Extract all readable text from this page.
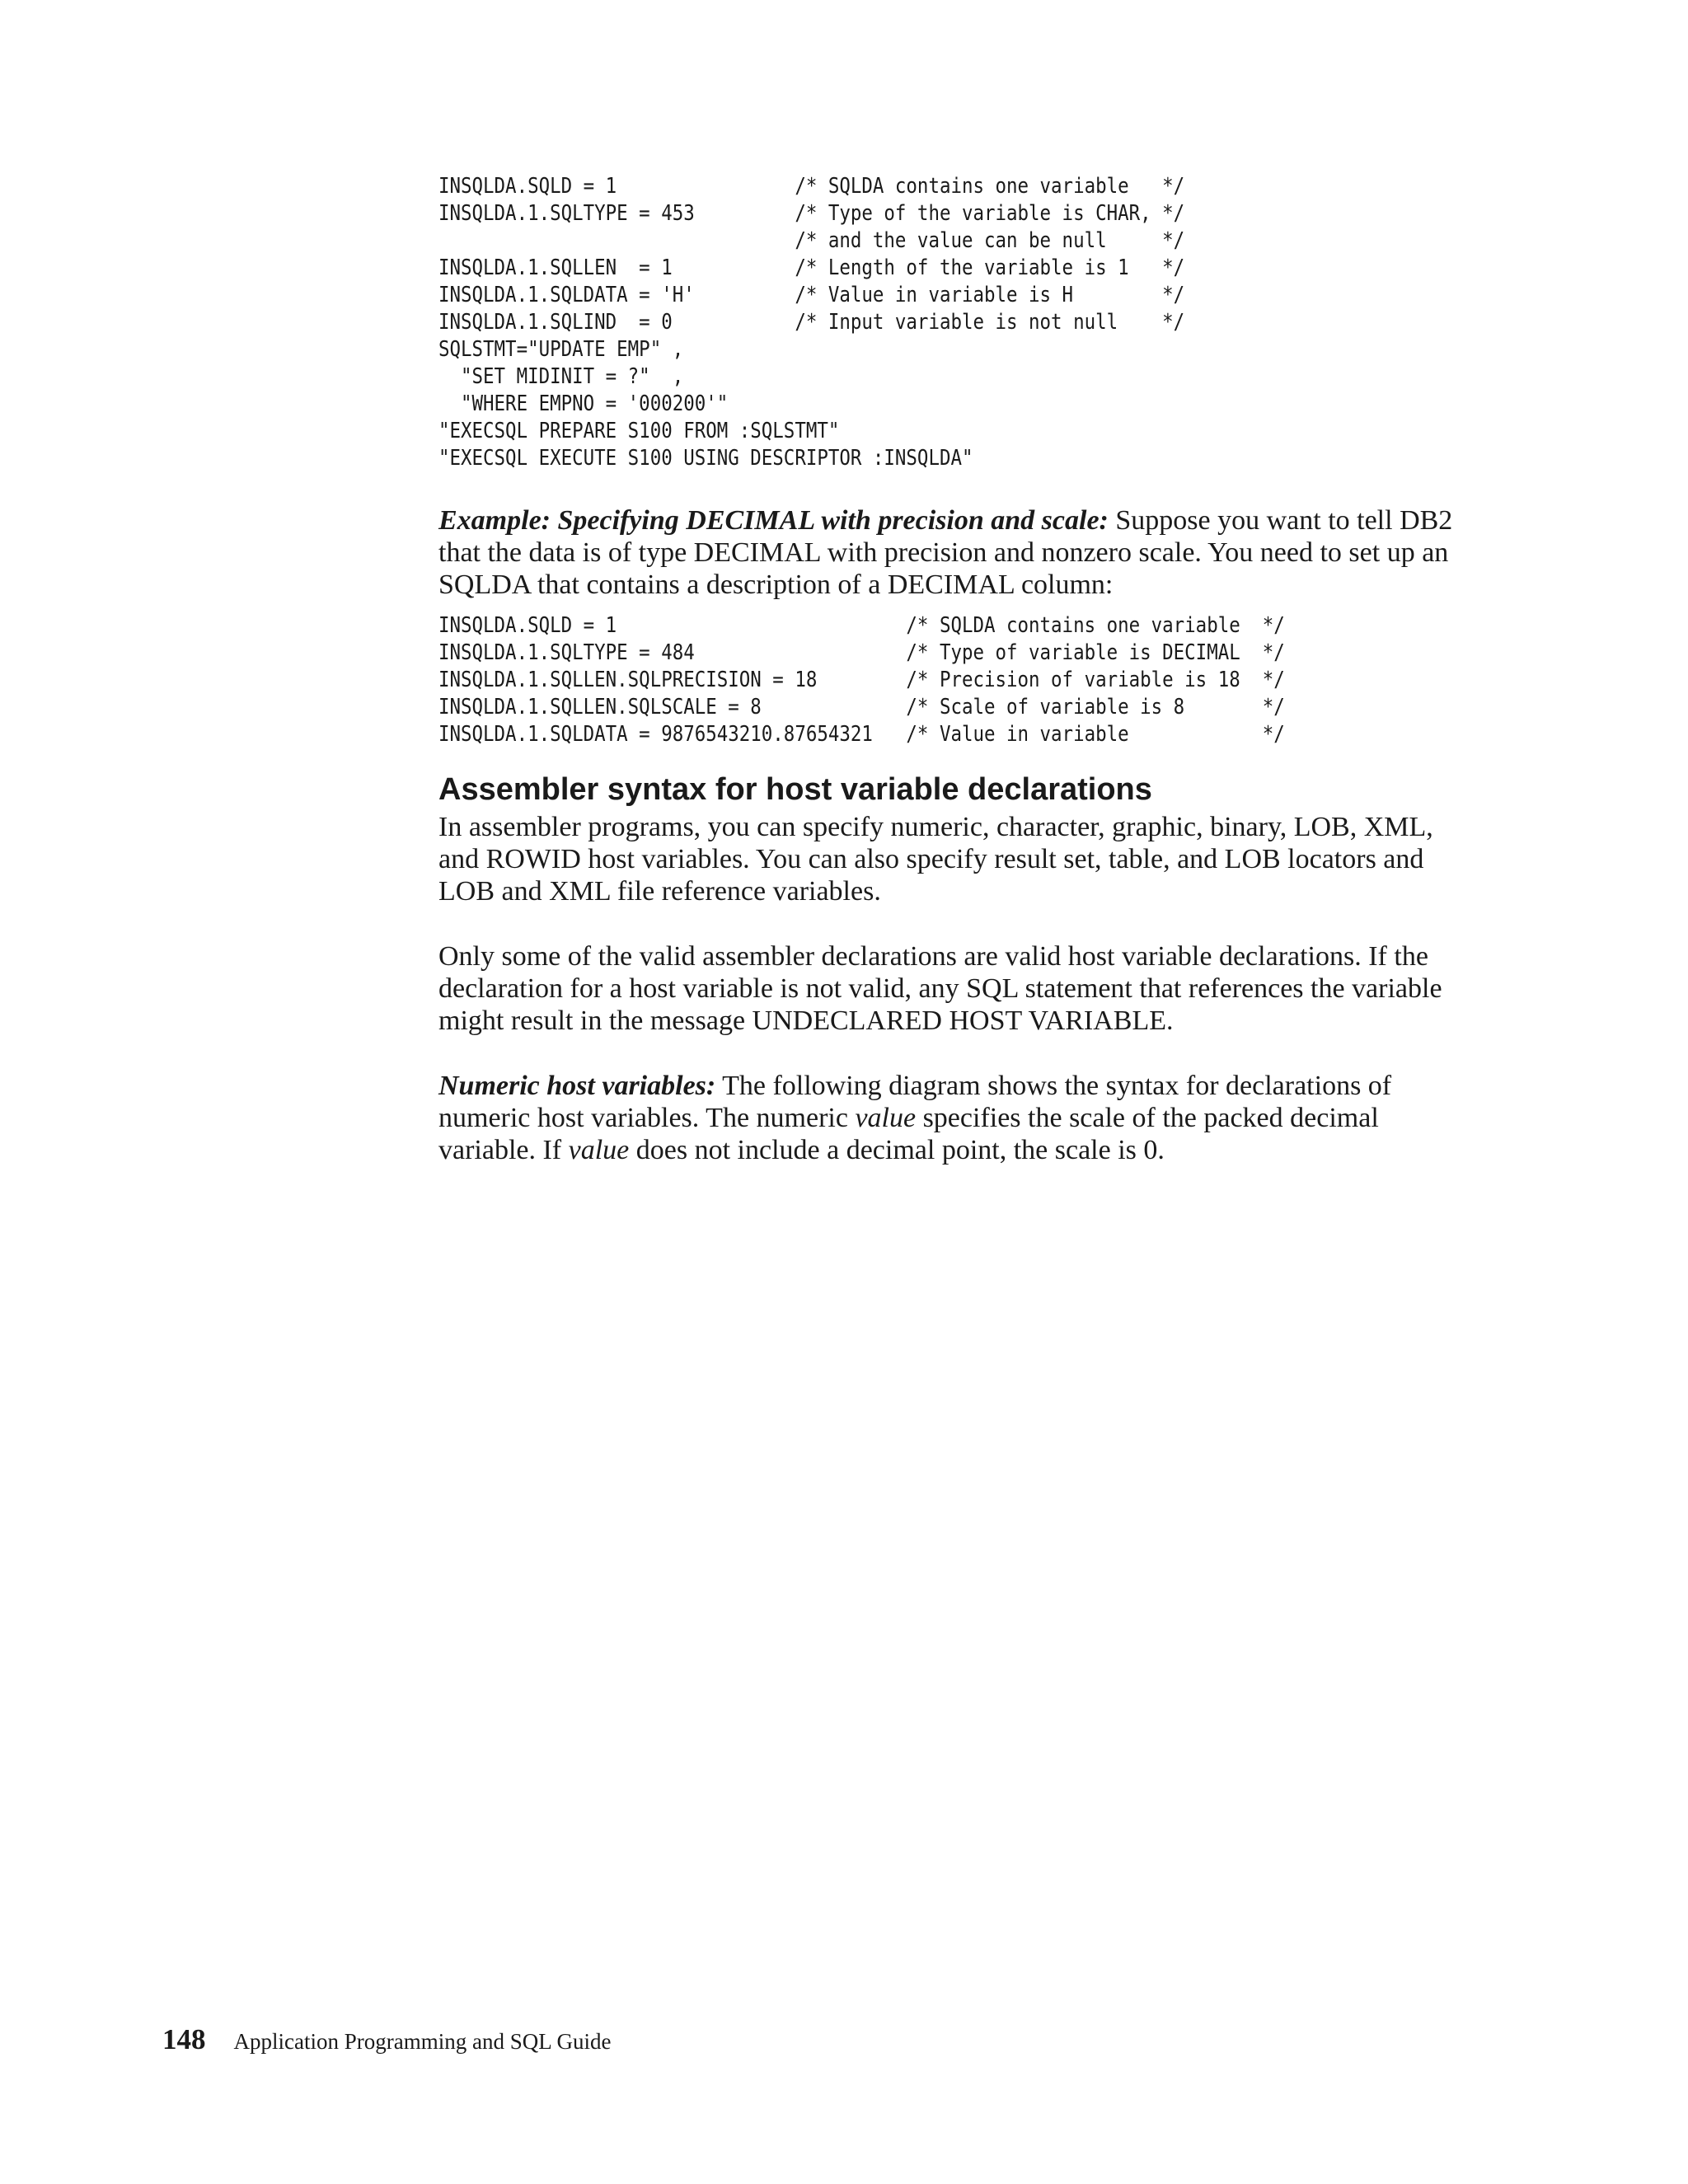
INSQLDA.SQLD = 1                /* SQLDA contains one variable   */
INSQLDA.1.SQLTYPE = 453         /* Type of the variable is CHAR, */
/* and the value can be null     */
INSQLDA.1.SQLLEN  = 1           /* Length of the variable is 1   */
INSQLDA.1.SQLDATA = 'H'         /* Value in variable is H        */
INSQLDA.1.SQLIND  = 0           /* Input variable is not null    */
SQLSTMT="UPDATE EMP" ,
"SET MIDINIT = ?"  ,
"WHERE EMPNO = '000200'"
"EXECSQL PREPARE S100 FROM :SQLSTMT"
"EXECSQL EXECUTE S100 USING DESCRIPTOR :INSQLDA"

Example: Specifying DECIMAL with precision and scale: Suppose you want to tell DB2 that the data is of type DECIMAL with precision and nonzero scale. You need to set up an SQLDA that contains a description of a DECIMAL column:

INSQLDA.SQLD = 1                          /* SQLDA contains one variable  */
INSQLDA.1.SQLTYPE = 484                   /* Type of variable is DECIMAL  */
INSQLDA.1.SQLLEN.SQLPRECISION = 18        /* Precision of variable is 18  */
INSQLDA.1.SQLLEN.SQLSCALE = 8             /* Scale of variable is 8       */
INSQLDA.1.SQLDATA = 9876543210.87654321   /* Value in variable            */
Assembler syntax for host variable declarations

In assembler programs, you can specify numeric, character, graphic, binary, LOB, XML, and ROWID host variables. You can also specify result set, table, and LOB locators and LOB and XML file reference variables.

Only some of the valid assembler declarations are valid host variable declarations. If the declaration for a host variable is not valid, any SQL statement that references the variable might result in the message UNDECLARED HOST VARIABLE.

Numeric host variables: The following diagram shows the syntax for declarations of numeric host variables. The numeric value specifies the scale of the packed decimal variable. If value does not include a decimal point, the scale is 0.

148 Application Programming and SQL Guide
